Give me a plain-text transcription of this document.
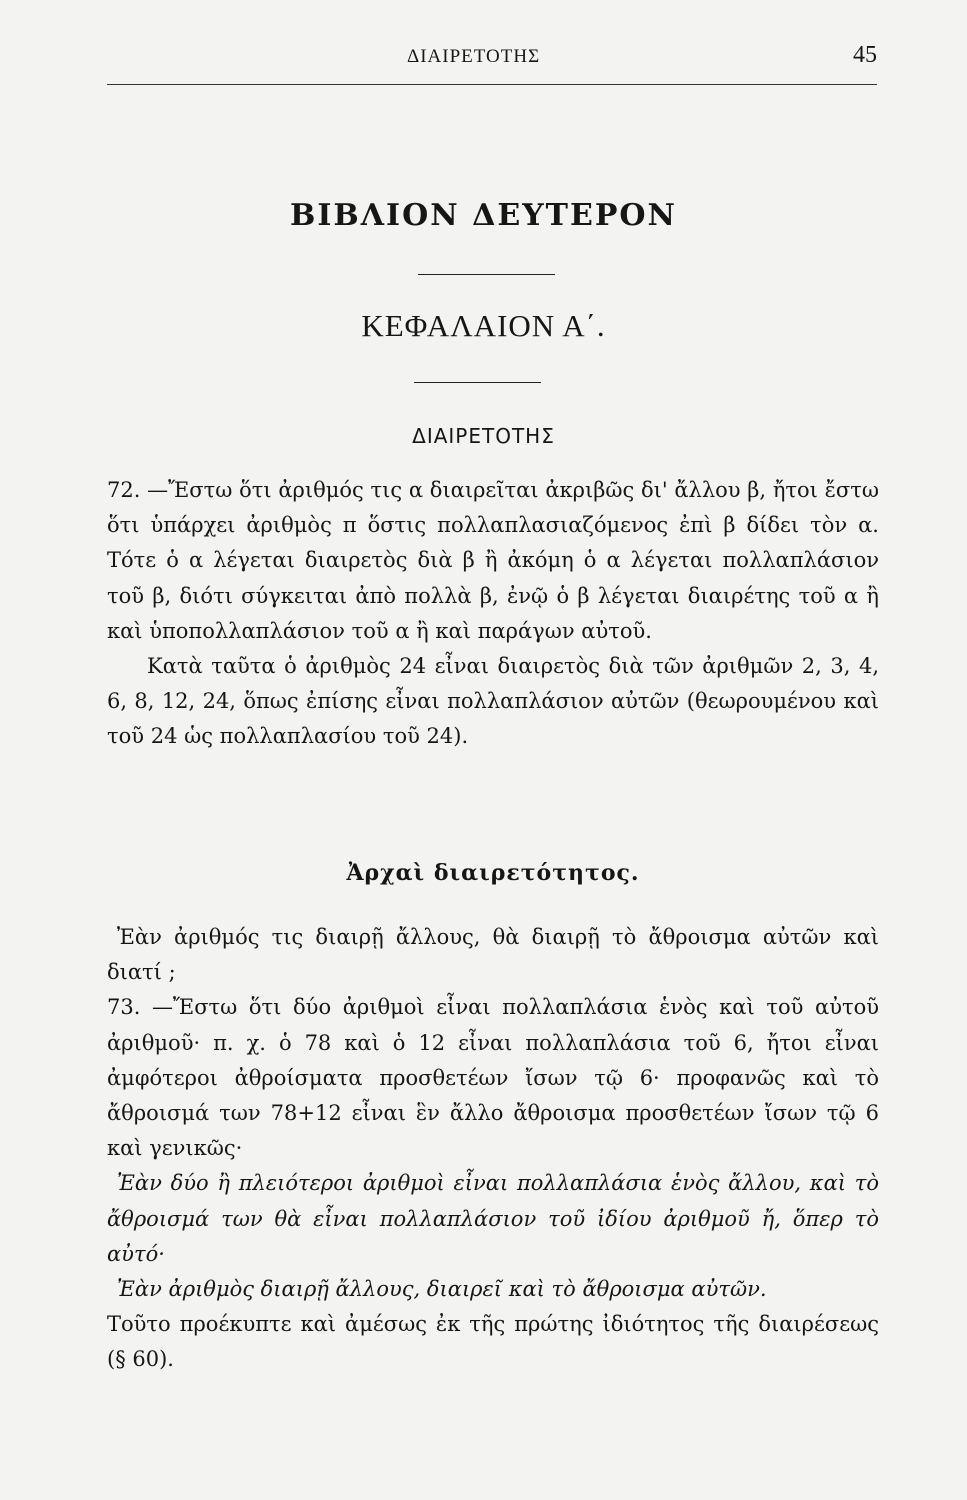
ΔΙΑΙΡΕΤΟΤΗΣ	45
ΒΙΒΛΙΟΝ ΔΕΥΤΕΡΟΝ
ΚΕΦΑΛΑΙΟΝ Α΄.
ΔΙΑΙΡΕΤΟΤΗΣ

72. —Ἔστω ὅτι ἀριθμός τις α διαιρεῖται ἀκριβῶς δι' ἄλλου β, ἤτοι ἔστω ὅτι ὑπάρχει ἀριθμὸς π ὅστις πολλαπλασιαζόμενος ἐπὶ β δίδει τὸν α. Τότε ὁ α λέγεται διαιρετὸς διὰ β ἢ ἀκόμη ὁ α λέγεται πολλαπλάσιον τοῦ β, διότι σύγκειται ἀπὸ πολλὰ β, ἐνῷ ὁ β λέγεται διαιρέτης τοῦ α ἢ καὶ ὑποπολλαπλάσιον τοῦ α ἢ καὶ παράγων αὐτοῦ.

Κατὰ ταῦτα ὁ ἀριθμὸς 24 εἶναι διαιρετὸς διὰ τῶν ἀριθμῶν 2, 3, 4, 6, 8, 12, 24, ὅπως ἐπίσης εἶναι πολλαπλάσιον αὐτῶν (θεωρουμένου καὶ τοῦ 24 ὡς πολλαπλασίου τοῦ 24).

Ἀρχαὶ διαιρετότητος.

Ἐὰν ἀριθμός τις διαιρῇ ἄλλους, θὰ διαιρῇ τὸ ἄθροισμα αὐτῶν καὶ διατί ;

73. —Ἔστω ὅτι δύο ἀριθμοὶ εἶναι πολλαπλάσια ἑνὸς καὶ τοῦ αὐτοῦ ἀριθμοῦ· π. χ. ὁ 78 καὶ ὁ 12 εἶναι πολλαπλάσια τοῦ 6, ἤτοι εἶναι ἀμφότεροι ἀθροίσματα προσθετέων ἴσων τῷ 6· προφανῶς καὶ τὸ ἄθροισμά των 78+12 εἶναι ἓν ἄλλο ἄθροισμα προσθετέων ἴσων τῷ 6 καὶ γενικῶς·

Ἐὰν δύο ἢ πλειότεροι ἀριθμοὶ εἶναι πολλαπλάσια ἑνὸς ἄλλου, καὶ τὸ ἄθροισμά των θὰ εἶναι πολλαπλάσιον τοῦ ἰδίου ἀριθμοῦ ἤ, ὅπερ τὸ αὐτό·

Ἐὰν ἀριθμὸς διαιρῇ ἄλλους, διαιρεῖ καὶ τὸ ἄθροισμα αὐτῶν.

Τοῦτο προέκυπτε καὶ ἀμέσως ἐκ τῆς πρώτης ἰδιότητος τῆς διαιρέσεως (§ 60).
